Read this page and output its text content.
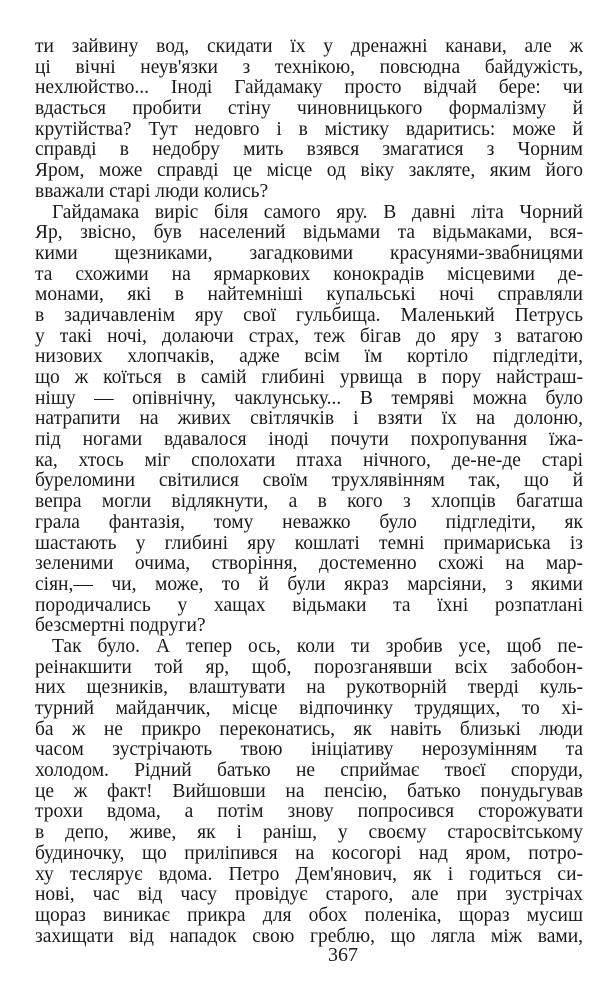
ти зайвину вод, скидати їх у дренажні канави, але ж
ці вічні неув'язки з технікою, повсюдна байдужість,
нехлюйство... Іноді Гайдамаку просто відчай бере: чи
вдасться пробити стіну чиновницького формалізму й
крутійства? Тут недовго і в містику вдаритись: може й
справді в недобру мить взявся змагатися з Чорним
Яром, може справді це місце од віку закляте, яким його
вважали старі люди колись?
Гайдамака виріс біля самого яру. В давні літа Чорний
Яр, звісно, був населений відьмами та відьмаками, вся-
кими щезниками, загадковими красунями-звабницями
та схожими на ярмаркових конокрадів місцевими де-
монами, які в найтемніші купальські ночі справляли
в задичавленім яру свої гульбища. Маленький Петрусь
у такі ночі, долаючи страх, теж бігав до яру з ватагою
низових хлопчаків, адже всім їм кортіло підгледіти,
що ж коїться в самій глибині урвища в пору найстраш-
нішу — опівнічну, чаклунську... В темряві можна було
натрапити на живих світлячків і взяти їх на долоню,
під ногами вдавалося іноді почути похропування їжа-
ка, хтось міг сполохати птаха нічного, де-не-де старі
буреломини світилися своїм трухлявінням так, що й
вепра могли відлякнути, а в кого з хлопців багатша
грала фантазія, тому неважко було підгледіти, як
шастають у глибині яру кошлаті темні примариська із
зеленими очима, створіння, достеменно схожі на мар-
сіян,— чи, може, то й були якраз марсіяни, з якими
породичались у хащах відьмаки та їхні розпатлані
безсмертні подруги?
Так було. А тепер ось, коли ти зробив усе, щоб пе-
реінакшити той яр, щоб, порозганявши всіх забобон-
них щезників, влаштувати на рукотворній тверді куль-
турний майданчик, місце відпочинку трудящих, то хі-
ба ж не прикро переконатись, як навіть близькі люди
часом зустрічають твою ініціативу нерозумінням та
холодом. Рідний батько не сприймає твоєї споруди,
це ж факт! Вийшовши на пенсію, батько понудьгував
трохи вдома, а потім знову попросився сторожувати
в депо, живе, як і раніш, у своєму старосвітському
будиночку, що приліпився на косогорі над яром, потро-
ху теслярує вдома. Петро Дем'янович, як і годиться си-
нові, час від часу провідує старого, але при зустрічах
щораз виникає прикра для обох поленіка, щораз мусиш
захищати від нападок свою греблю, що лягла між вами,
367
